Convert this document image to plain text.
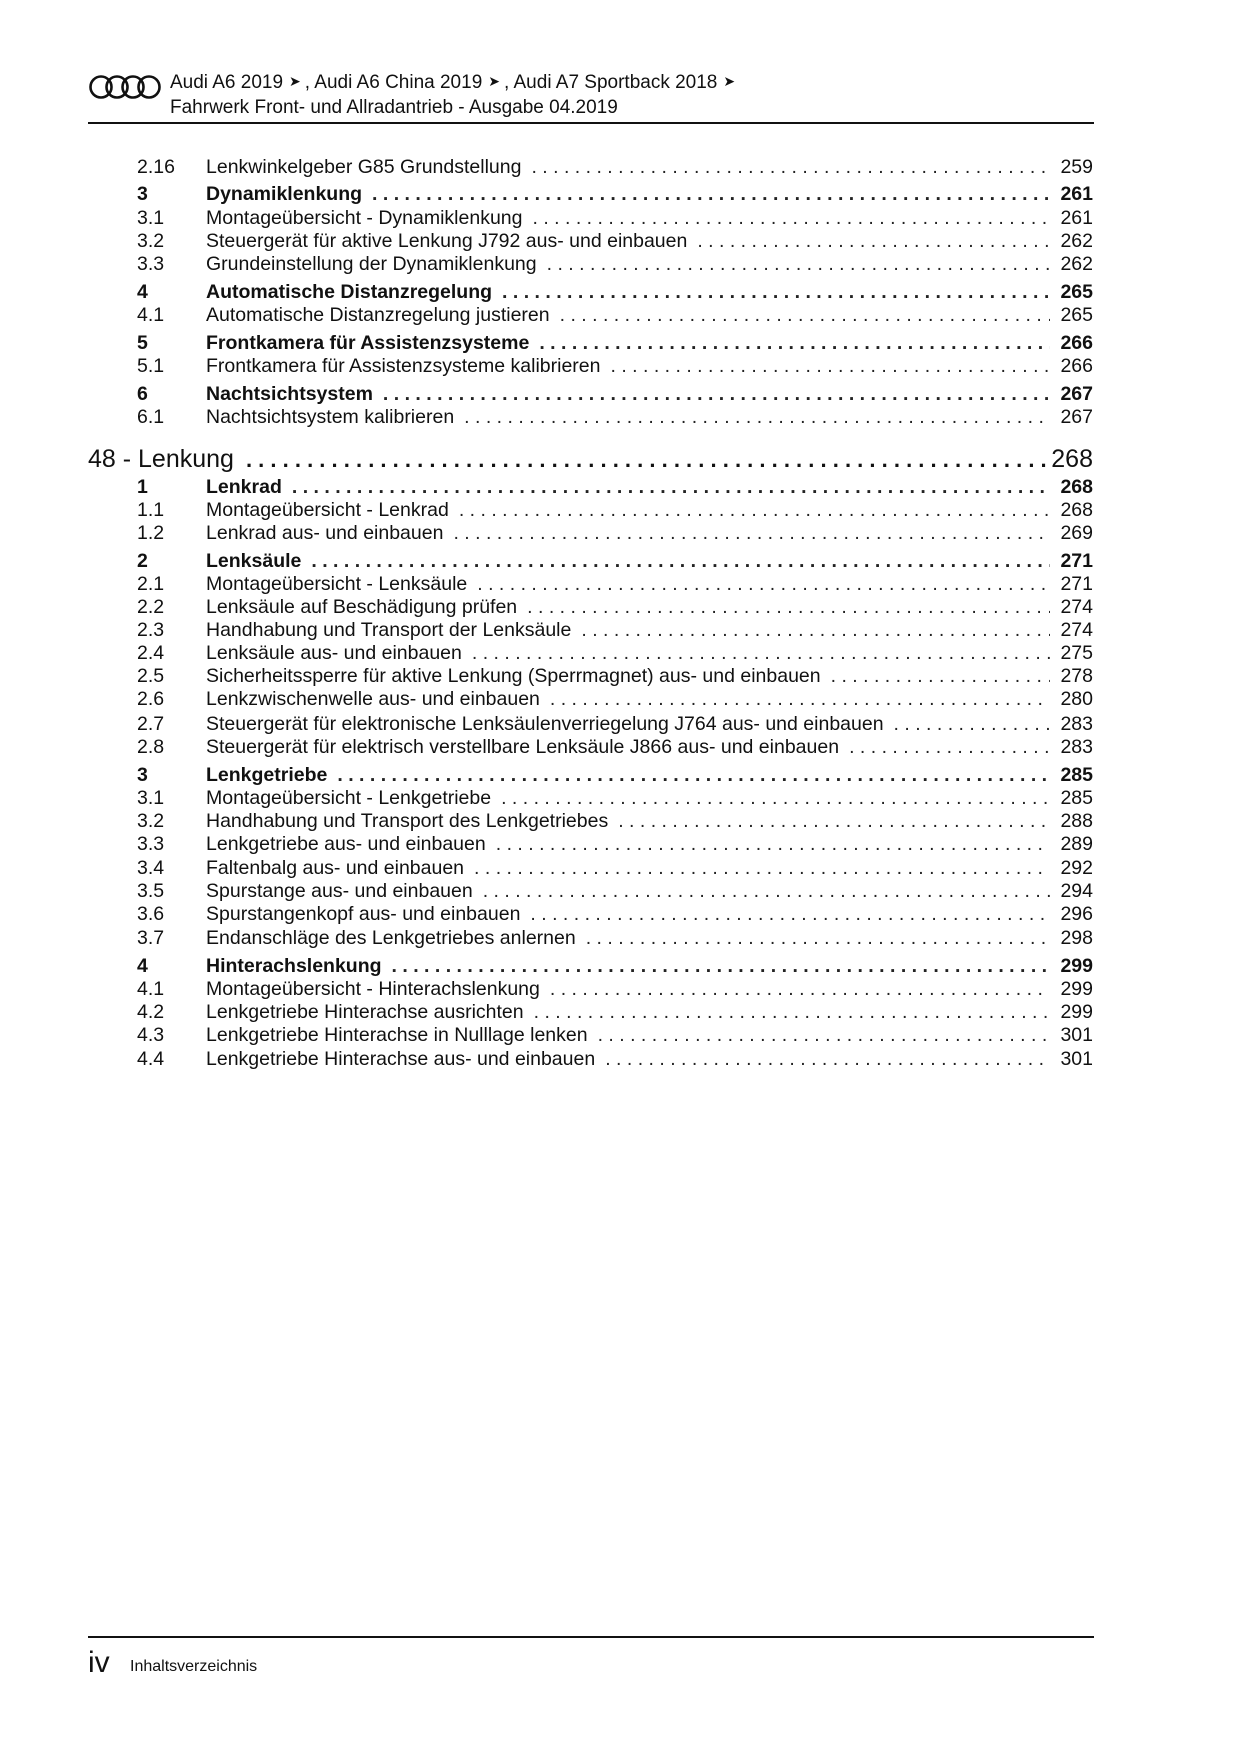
Audi A6 2019 ➤ , Audi A6 China 2019 ➤ , Audi A7 Sportback 2018 ➤
Fahrwerk Front- und Allradantrieb - Ausgabe 04.2019
2.16	Lenkwinkelgeber G85 Grundstellung . . .	259
3	Dynamiklenkung . . .	261
3.1	Montageübersicht - Dynamiklenkung . . .	261
3.2	Steuergerät für aktive Lenkung J792 aus- und einbauen . . .	262
3.3	Grundeinstellung der Dynamiklenkung . . .	262
4	Automatische Distanzregelung . . .	265
4.1	Automatische Distanzregelung justieren . . .	265
5	Frontkamera für Assistenzsysteme . . .	266
5.1	Frontkamera für Assistenzsysteme kalibrieren . . .	266
6	Nachtsichtsystem . . .	267
6.1	Nachtsichtsystem kalibrieren . . .	267
48 - Lenkung . . .	268
1	Lenkrad . . .	268
1.1	Montageübersicht - Lenkrad . . .	268
1.2	Lenkrad aus- und einbauen . . .	269
2	Lenksäule . . .	271
2.1	Montageübersicht - Lenksäule . . .	271
2.2	Lenksäule auf Beschädigung prüfen . . .	274
2.3	Handhabung und Transport der Lenksäule . . .	274
2.4	Lenksäule aus- und einbauen . . .	275
2.5	Sicherheitssperre für aktive Lenkung (Sperrmagnet) aus- und einbauen . . .	278
2.6	Lenkzwischenwelle aus- und einbauen . . .	280
2.7	Steuergerät für elektronische Lenksäulenverriegelung J764 aus- und einbauen . . .	283
2.8	Steuergerät für elektrisch verstellbare Lenksäule J866 aus- und einbauen . . .	283
3	Lenkgetriebe . . .	285
3.1	Montageübersicht - Lenkgetriebe . . .	285
3.2	Handhabung und Transport des Lenkgetriebes . . .	288
3.3	Lenkgetriebe aus- und einbauen . . .	289
3.4	Faltenbalg aus- und einbauen . . .	292
3.5	Spurstange aus- und einbauen . . .	294
3.6	Spurstangenkopf aus- und einbauen . . .	296
3.7	Endanschläge des Lenkgetriebes anlernen . . .	298
4	Hinterachslenkung . . .	299
4.1	Montageübersicht - Hinterachslenkung . . .	299
4.2	Lenkgetriebe Hinterachse ausrichten . . .	299
4.3	Lenkgetriebe Hinterachse in Nulllage lenken . . .	301
4.4	Lenkgetriebe Hinterachse aus- und einbauen . . .	301
iv Inhaltsverzeichnis
